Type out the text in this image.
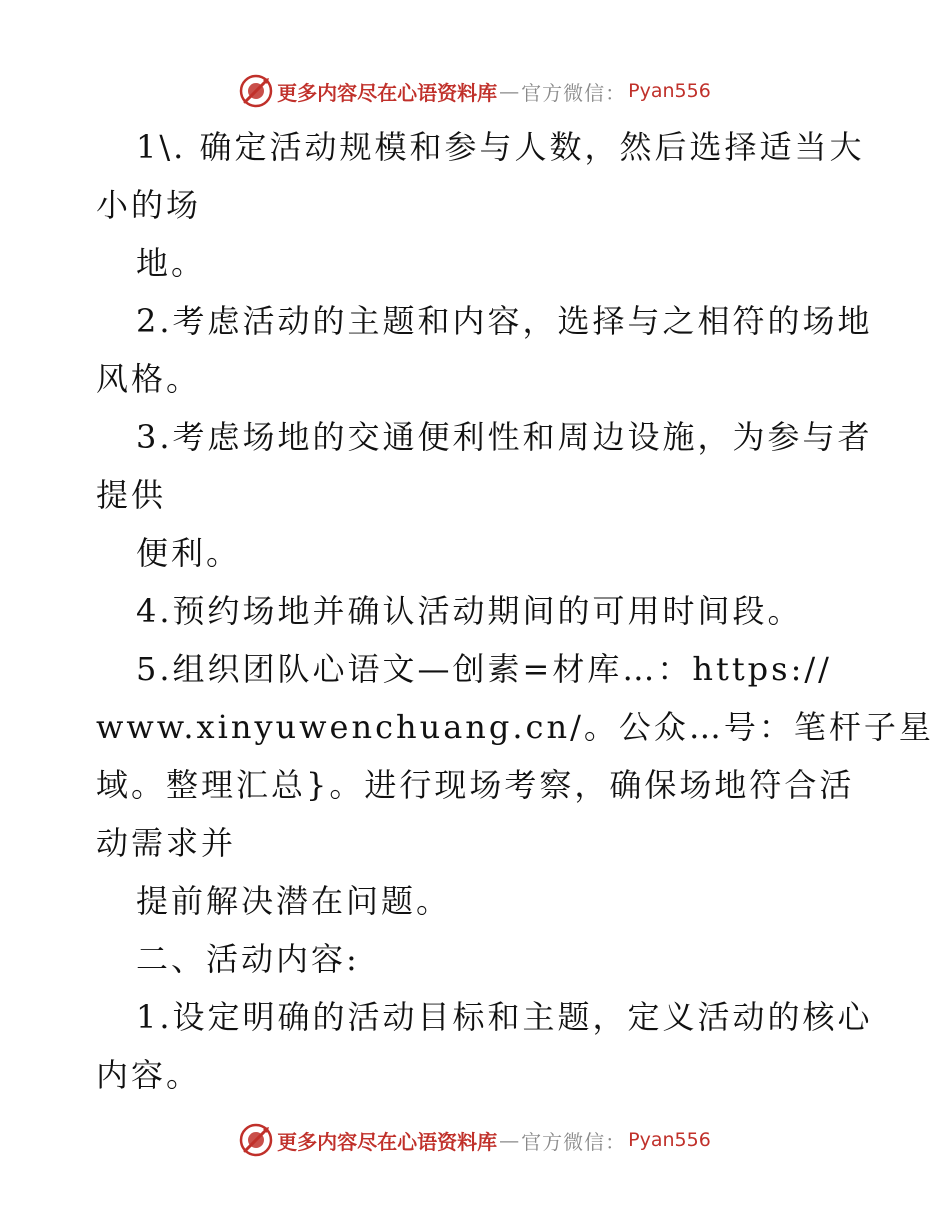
更多内容尽在心语资料库 — 官方微信： Pyan556
1\. 确定活动规模和参与人数，然后选择适当大
小的场
地。
2.考虑活动的主题和内容，选择与之相符的场地
风格。
3.考虑场地的交通便利性和周边设施，为参与者
提供
便利。
4.预约场地并确认活动期间的可用时间段。
5.组织团队心语文—创素=材库…：https://
www.xinyuwenchuang.cn/。公众…号：笔杆子星
域。整理汇总}。进行现场考察，确保场地符合活
动需求并
提前解决潜在问题。
二、活动内容:
1.设定明确的活动目标和主题，定义活动的核心
内容。
更多内容尽在心语资料库 — 官方微信： Pyan556
